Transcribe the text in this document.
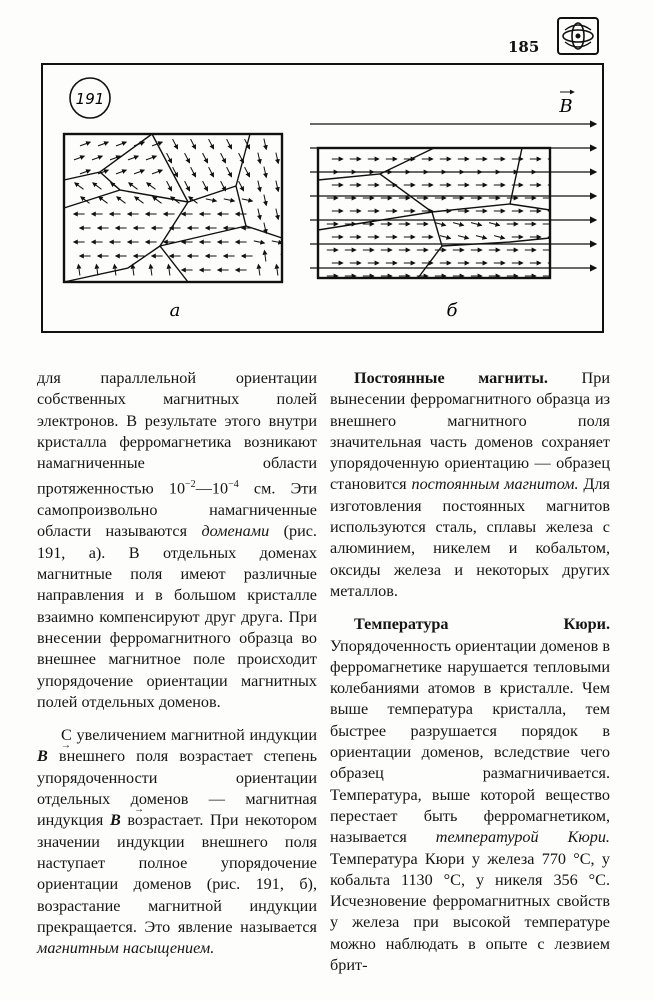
185
191
а
B
б

для параллельной ориентации собственных магнитных полей электронов. В результате этого внутри кристалла ферромагнетика возникают намагниченные области протяженностью $10^{-2}—10^{-4}$ см. Эти самопроизвольно намагниченные области называются доменами (рис. 191, а). В отдельных доменах магнитные поля имеют различные направления и в большом кристалле взаимно компенсируют друг друга. При внесении ферромагнитного образца во внешнее магнитное поле происходит упорядочение ориентации магнитных полей отдельных доменов.

С увеличением магнитной индукции → B внешнего поля возрастает степень упорядоченности ориентации отдельных доменов — магнитная индукция → B возрастает. При некотором значении индукции внешнего поля наступает полное упорядочение ориентации доменов (рис. 191, б), возрастание магнитной индукции прекращается. Это явление называется магнитным насыщением.

Постоянные магниты. При вынесении ферромагнитного образца из внешнего магнитного поля значительная часть доменов сохраняет упорядоченную ориентацию — образец становится постоянным магнитом. Для изготовления постоянных магнитов используются сталь, сплавы железа с алюминием, никелем и кобальтом, оксиды железа и некоторых других металлов.

Температура Кюри. Упорядоченность ориентации доменов в ферромагнетике нарушается тепловыми колебаниями атомов в кристалле. Чем выше температура кристалла, тем быстрее разрушается порядок в ориентации доменов, вследствие чего образец размагничивается. Температура, выше которой вещество перестает быть ферромагнетиком, называется температурой Кюри. Температура Кюри у железа 770 °С, у кобальта 1130 °С, у никеля 356 °С. Исчезновение ферромагнитных свойств у железа при высокой температуре можно наблюдать в опыте с лезвием брит-
